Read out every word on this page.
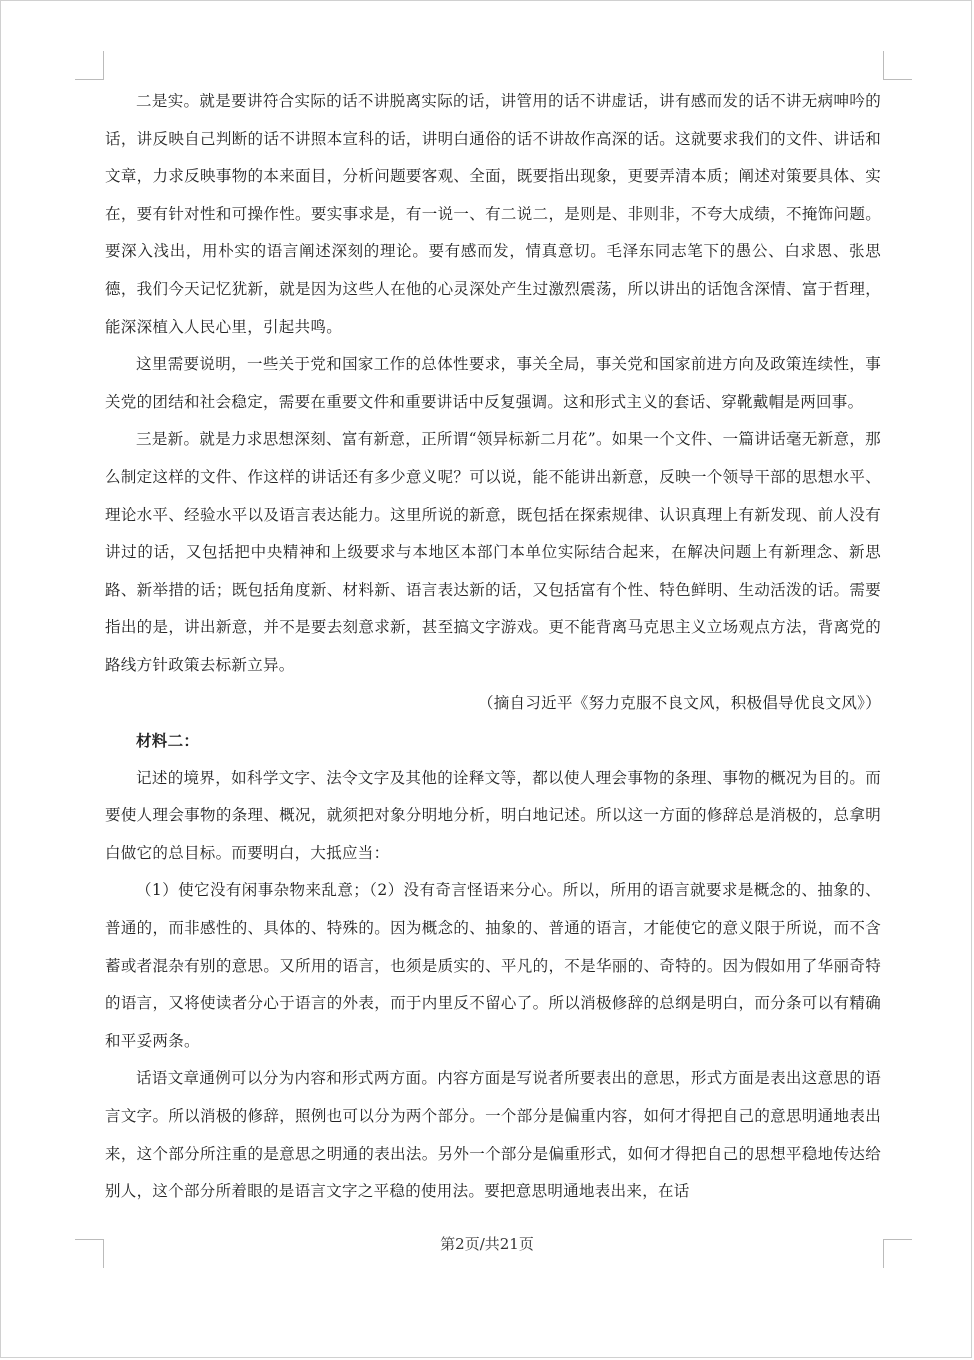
二是实。就是要讲符合实际的话不讲脱离实际的话，讲管用的话不讲虚话，讲有感而发的话不讲无病呻吟的话，讲反映自己判断的话不讲照本宣科的话，讲明白通俗的话不讲故作高深的话。这就要求我们的文件、讲话和文章，力求反映事物的本来面目，分析问题要客观、全面，既要指出现象，更要弄清本质；阐述对策要具体、实在，要有针对性和可操作性。要实事求是，有一说一、有二说二，是则是、非则非，不夸大成绩，不掩饰问题。要深入浅出，用朴实的语言阐述深刻的理论。要有感而发，情真意切。毛泽东同志笔下的愚公、白求恩、张思德，我们今天记忆犹新，就是因为这些人在他的心灵深处产生过激烈震荡，所以讲出的话饱含深情、富于哲理，能深深植入人民心里，引起共鸣。

这里需要说明，一些关于党和国家工作的总体性要求，事关全局，事关党和国家前进方向及政策连续性，事关党的团结和社会稳定，需要在重要文件和重要讲话中反复强调。这和形式主义的套话、穿靴戴帽是两回事。

三是新。就是力求思想深刻、富有新意，正所谓“领异标新二月花”。如果一个文件、一篇讲话毫无新意，那么制定这样的文件、作这样的讲话还有多少意义呢？可以说，能不能讲出新意，反映一个领导干部的思想水平、理论水平、经验水平以及语言表达能力。这里所说的新意，既包括在探索规律、认识真理上有新发现、前人没有讲过的话，又包括把中央精神和上级要求与本地区本部门本单位实际结合起来，在解决问题上有新理念、新思路、新举措的话；既包括角度新、材料新、语言表达新的话，又包括富有个性、特色鲜明、生动活泼的话。需要指出的是，讲出新意，并不是要去刻意求新，甚至搞文字游戏。更不能背离马克思主义立场观点方法，背离党的路线方针政策去标新立异。

（摘自习近平《努力克服不良文风，积极倡导优良文风》）

材料二：

记述的境界，如科学文字、法令文字及其他的诠释文等，都以使人理会事物的条理、事物的概况为目的。而要使人理会事物的条理、概况，就须把对象分明地分析，明白地记述。所以这一方面的修辞总是消极的，总拿明白做它的总目标。而要明白，大抵应当：

（1）使它没有闲事杂物来乱意；（2）没有奇言怪语来分心。所以，所用的语言就要求是概念的、抽象的、普通的，而非感性的、具体的、特殊的。因为概念的、抽象的、普通的语言，才能使它的意义限于所说，而不含蓄或者混杂有别的意思。又所用的语言，也须是质实的、平凡的，不是华丽的、奇特的。因为假如用了华丽奇特的语言，又将使读者分心于语言的外表，而于内里反不留心了。所以消极修辞的总纲是明白，而分条可以有精确和平妥两条。

话语文章通例可以分为内容和形式两方面。内容方面是写说者所要表出的意思，形式方面是表出这意思的语言文字。所以消极的修辞，照例也可以分为两个部分。一个部分是偏重内容，如何才得把自己的意思明通地表出来，这个部分所注重的是意思之明通的表出法。另外一个部分是偏重形式，如何才得把自己的思想平稳地传达给别人，这个部分所着眼的是语言文字之平稳的使用法。要把意思明通地表出来，在话

第2页/共21页
